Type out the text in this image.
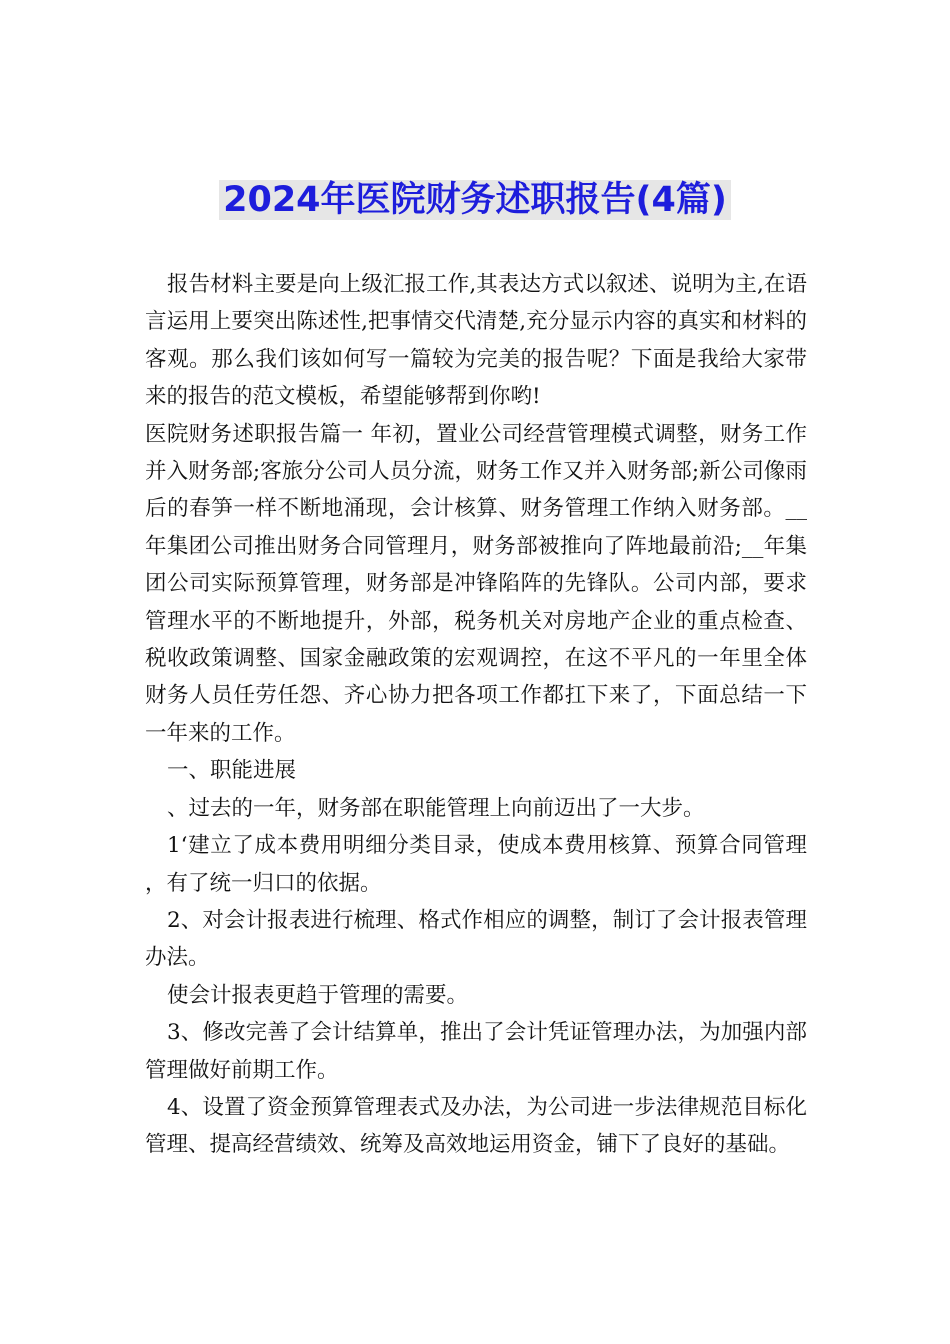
2024年医院财务述职报告(4篇)

报告材料主要是向上级汇报工作,其表达方式以叙述、说明为主,在语言运用上要突出陈述性,把事情交代清楚,充分显示内容的真实和材料的客观。那么我们该如何写一篇较为完美的报告呢？下面是我给大家带来的报告的范文模板，希望能够帮到你哟!

医院财务述职报告篇一 年初，置业公司经营管理模式调整，财务工作并入财务部;客旅分公司人员分流，财务工作又并入财务部;新公司像雨后的春笋一样不断地涌现，会计核算、财务管理工作纳入财务部。__年集团公司推出财务合同管理月，财务部被推向了阵地最前沿;__年集团公司实际预算管理，财务部是冲锋陷阵的先锋队。公司内部，要求管理水平的不断地提升，外部，税务机关对房地产企业的重点检查、税收政策调整、国家金融政策的宏观调控，在这不平凡的一年里全体财务人员任劳任怨、齐心协力把各项工作都扛下来了，下面总结一下一年来的工作。

一、职能进展

、过去的一年，财务部在职能管理上向前迈出了一大步。

1‘建立了成本费用明细分类目录，使成本费用核算、预算合同管理，有了统一归口的依据。

2、对会计报表进行梳理、格式作相应的调整，制订了会计报表管理办法。

使会计报表更趋于管理的需要。

3、修改完善了会计结算单，推出了会计凭证管理办法，为加强内部管理做好前期工作。

4、设置了资金预算管理表式及办法，为公司进一步法律规范目标化管理、提高经营绩效、统筹及高效地运用资金，铺下了良好的基础。
